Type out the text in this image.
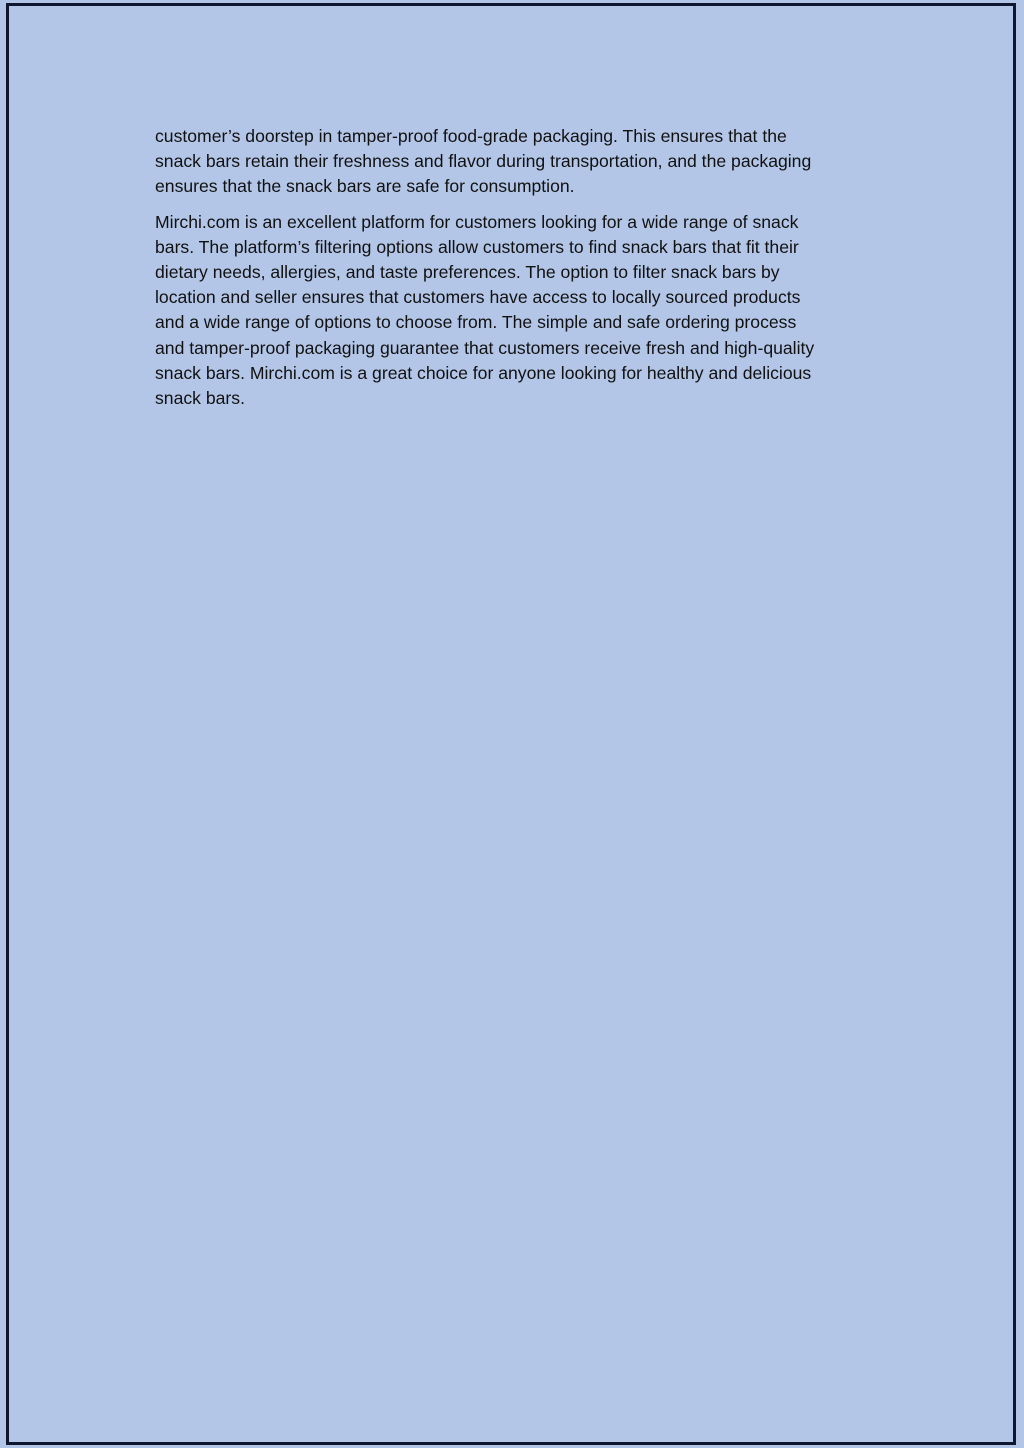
customer’s doorstep in tamper-proof food-grade packaging. This ensures that the
snack bars retain their freshness and flavor during transportation, and the packaging
ensures that the snack bars are safe for consumption.

Mirchi.com is an excellent platform for customers looking for a wide range of snack
bars. The platform’s filtering options allow customers to find snack bars that fit their
dietary needs, allergies, and taste preferences. The option to filter snack bars by
location and seller ensures that customers have access to locally sourced products
and a wide range of options to choose from. The simple and safe ordering process
and tamper-proof packaging guarantee that customers receive fresh and high-quality
snack bars. Mirchi.com is a great choice for anyone looking for healthy and delicious
snack bars.
